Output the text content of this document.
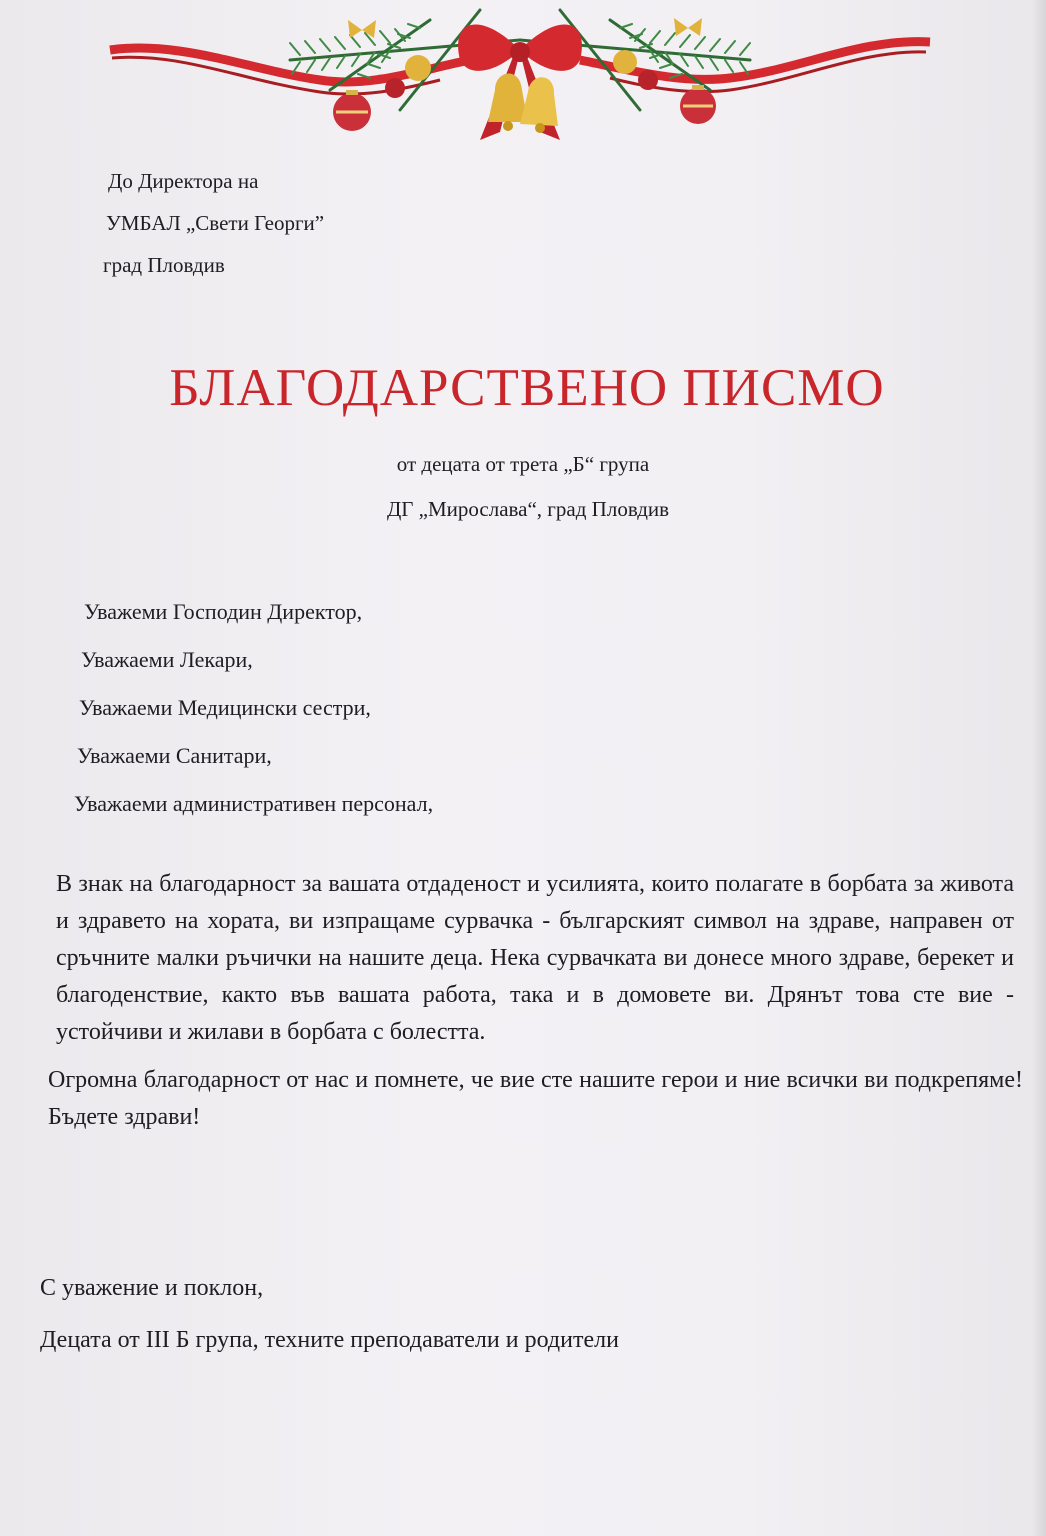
До Директора на
УМБАЛ „Свети Георги”
град Пловдив
БЛАГОДАРСТВЕНО ПИСМО
от децата от трета „Б“ група
ДГ „Мирослава“, град Пловдив
Уважеми Господин Директор,
Уважаеми Лекари,
Уважаеми Медицински сестри,
Уважаеми Санитари,
Уважаеми административен персонал,

В знак на благодарност за вашата отдаденост и усилията, които полагате в борбата за живота и здравето на хората, ви изпращаме сурвачка - българският символ на здраве, направен от сръчните малки ръчички на нашите деца. Нека сурвачката ви донесе много здраве, берекет и благоденствие, както във вашата работа, така и в домовете ви. Дрянът това сте вие - устойчиви и жилави в борбата с болестта.

Огромна благодарност от нас и помнете, че вие сте нашите герои и ние всички ви подкрепяме! Бъдете здрави!

С уважение и поклон,
Децата от III Б група, техните преподаватели и родители
